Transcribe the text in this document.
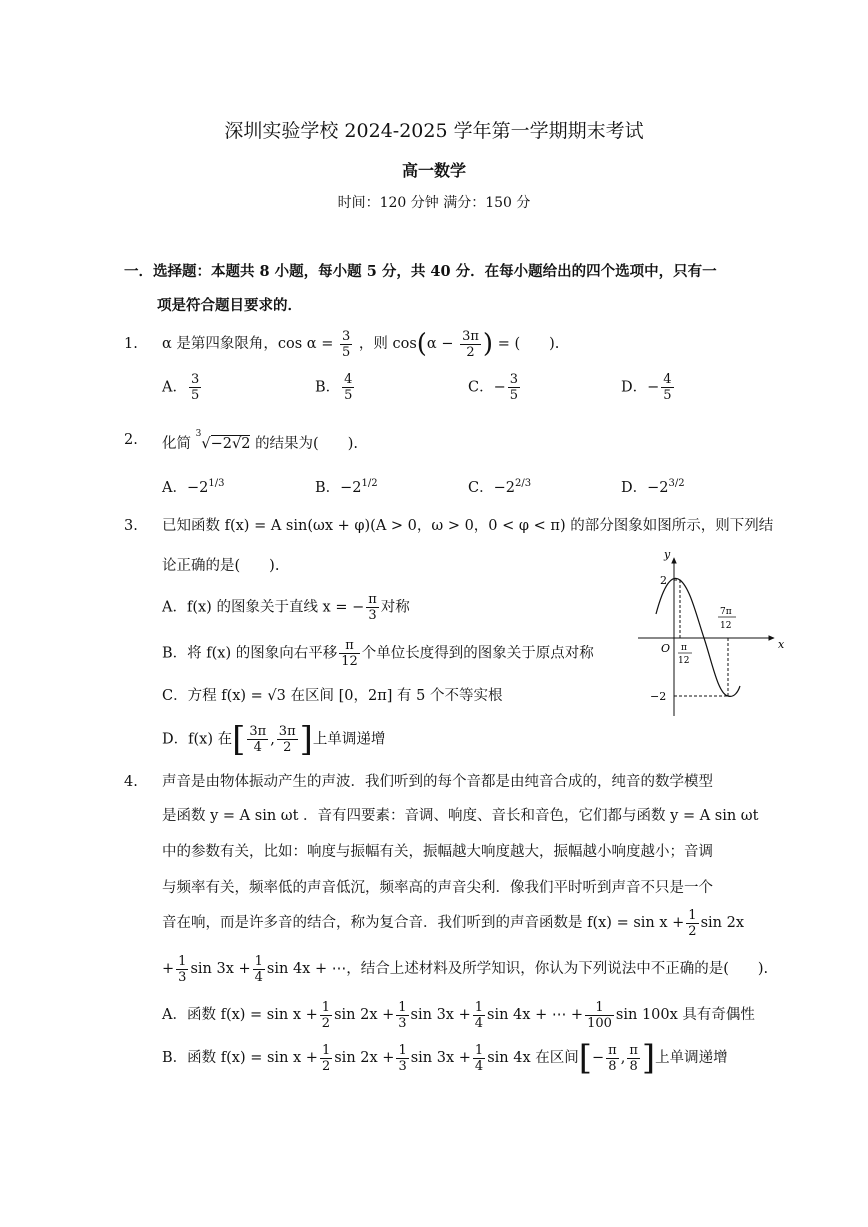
深圳实验学校 2024-2025 学年第一学期期末考试
高一数学
时间：120 分钟 满分：150 分
一．选择题：本题共 8 小题，每小题 5 分，共 40 分．在每小题给出的四个选项中，只有一
项是符合题目要求的．
1. α 是第四象限角，$\cos \alpha = \frac{3}{5}$ ，则 $\cos(\alpha - \frac{3\pi}{2}$ ) = (　　).
A． $\frac{3}{5}$	B． $\frac{4}{5}$	C．− $\frac{3}{5}$	D．− $\frac{4}{5}$
2. 化简 $^3$√−2√2 的结果为(　　).
A．$-2^{1/3}$	B．$-2^{1/2}$	C．$-2^{2/3}$	D．$-2^{3/2}$
3. 已知函数 f(x) = A sin(ωx + φ)(A > 0，ω > 0，0 < φ < π) 的部分图象如图所示，则下列结
论正确的是(　　).
A．f(x) 的图象关于直线 x = − $\frac{\pi}{3}$ 对称
B．将 f(x) 的图象向右平移 $\frac{\pi}{12}$ 个单位长度得到的图象关于原点对称
C．方程 f(x) = √3 在区间 [0，2π] 有 5 个不等实根
D．f(x) 在[ $\frac{3\pi}{4}$ , $\frac{3\pi}{2}$ ]上单调递增
y
x
O
2
−2
π
12
7π
12
4. 声音是由物体振动产生的声波．我们听到的每个音都是由纯音合成的，纯音的数学模型
是函数 y = A sin ωt ．音有四要素：音调、响度、音长和音色，它们都与函数 y = A sin ωt
中的参数有关，比如：响度与振幅有关，振幅越大响度越大，振幅越小响度越小；音调
与频率有关，频率低的声音低沉，频率高的声音尖利．像我们平时听到声音不只是一个
音在响，而是许多音的结合，称为复合音．我们听到的声音函数是 $f(x) = \sin x + \frac{1}{2}$ sin 2x
+ $\frac{1}{3}$ $\sin 3x + \frac{1}{4}$ sin 4x + ⋯，结合上述材料及所学知识，你认为下列说法中不正确的是(　　).
A．函数 $f(x) = \sin x + \frac{1}{2}$ $\sin 2x + \frac{1}{3}$ $\sin 3x + \frac{1}{4}$ sin 4x + ⋯ + $\frac{1}{100}$ sin 100x 具有奇偶性
B．函数 $f(x) = \sin x + \frac{1}{2}$ $\sin 2x + \frac{1}{3}$ $\sin 3x + \frac{1}{4}$ sin 4x 在区间[− $\frac{\pi}{8}$ , $\frac{\pi}{8}$ ]上单调递增
